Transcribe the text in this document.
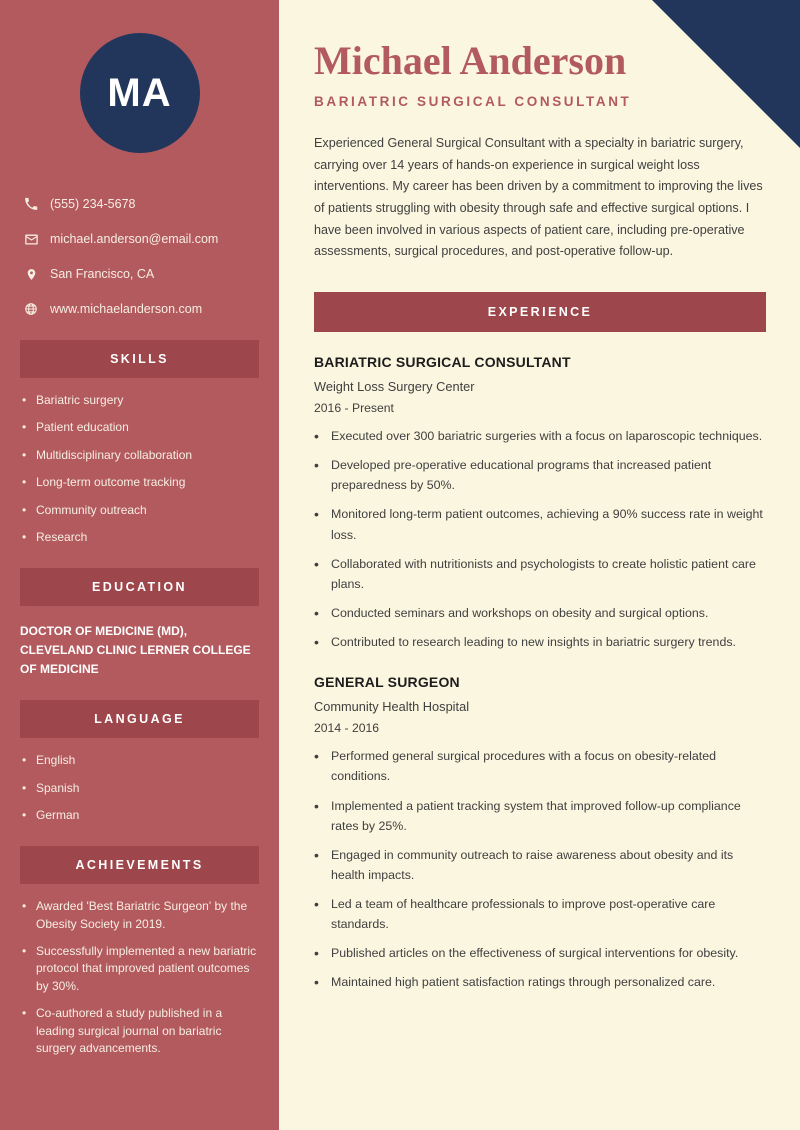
MA
(555) 234-5678
michael.anderson@email.com
San Francisco, CA
www.michaelanderson.com
SKILLS
• Bariatric surgery
• Patient education
• Multidisciplinary collaboration
• Long-term outcome tracking
• Community outreach
• Research
EDUCATION
DOCTOR OF MEDICINE (MD), CLEVELAND CLINIC LERNER COLLEGE OF MEDICINE
LANGUAGE
• English
• Spanish
• German
ACHIEVEMENTS
• Awarded 'Best Bariatric Surgeon' by the Obesity Society in 2019.
• Successfully implemented a new bariatric protocol that improved patient outcomes by 30%.
• Co-authored a study published in a leading surgical journal on bariatric surgery advancements.
Michael Anderson
BARIATRIC SURGICAL CONSULTANT

Experienced General Surgical Consultant with a specialty in bariatric surgery, carrying over 14 years of hands-on experience in surgical weight loss interventions. My career has been driven by a commitment to improving the lives of patients struggling with obesity through safe and effective surgical options. I have been involved in various aspects of patient care, including pre-operative assessments, surgical procedures, and post-operative follow-up.

EXPERIENCE
BARIATRIC SURGICAL CONSULTANT
Weight Loss Surgery Center
2016 - Present
• Executed over 300 bariatric surgeries with a focus on laparoscopic techniques.
• Developed pre-operative educational programs that increased patient preparedness by 50%.
• Monitored long-term patient outcomes, achieving a 90% success rate in weight loss.
• Collaborated with nutritionists and psychologists to create holistic patient care plans.
• Conducted seminars and workshops on obesity and surgical options.
• Contributed to research leading to new insights in bariatric surgery trends.
GENERAL SURGEON
Community Health Hospital
2014 - 2016
• Performed general surgical procedures with a focus on obesity-related conditions.
• Implemented a patient tracking system that improved follow-up compliance rates by 25%.
• Engaged in community outreach to raise awareness about obesity and its health impacts.
• Led a team of healthcare professionals to improve post-operative care standards.
• Published articles on the effectiveness of surgical interventions for obesity.
• Maintained high patient satisfaction ratings through personalized care.
